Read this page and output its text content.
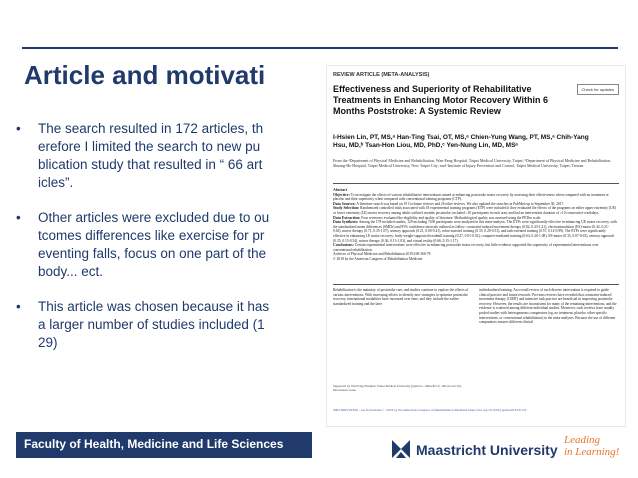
Article and motivati
• The search resulted in 172 articles, th
erefore I limited the search to new pu
blication study that resulted in “ 66 art
icles”.
• Other articles were excluded due to ou
tcomes differences like exercise for pr
eventing falls, focus on one part of the
body... ect.
• This article was chosen because it has
a larger number of studies included (1
29)
REVIEW ARTICLE (META-ANALYSIS)
Check for updates
Effectiveness and Superiority of Rehabilitative Treatments in Enhancing Motor Recovery Within 6 Months Poststroke: A Systemic Review
I-Hsien Lin, PT, MS,ᵃ Han-Ting Tsai, OT, MS,ᵃ Chien-Yung Wang, PT, MS,ᵃ Chih-Yang Hsu, MD,ᵇ Tsan-Hon Liou, MD, PhD,ᶜ Yen-Nung Lin, MD, MSᵃ
From the ᵃDepartment of Physical Medicine and Rehabilitation, Wan-Fang Hospital, Taipei Medical University, Taipei; ᵇDepartment of Physical Medicine and Rehabilitation, Shuang-Ho Hospital, Taipei Medical University, New Taipei City; and ᶜInstitute of Injury Prevention and Control, Taipei Medical University, Taipei, Taiwan.
Abstract
Objective: To investigate the effects of various rehabilitative interventions aimed at enhancing poststroke motor recovery by assessing their effectiveness when compared with no treatment or placebo and their superiority when compared with conventional training programs (CTP).
Data Sources: A literature search was based on 19 Cochrane reviews and 26 other reviews. We also updated the searches in PubMed up to September 30, 2017.
Study Selection: Randomized controlled trials associated with 18 experimental training programs (ETP) were included if they evaluated the effects of the programs on either upper extremity (UE) or lower extremity (LE) motor recovery among adults within 6 months poststroke; included ≥10 participants in each arm; and had an intervention duration of ≥10 consecutive weekdays.
Data Extraction: Four reviewers evaluated the eligibility and quality of literature. Methodological quality was assessed using the PEDro scale.
Data Synthesis: Among the 178 included studies, 129 including 7450 participants were analyzed in this meta-analysis. The ETPs were significantly effective in enhancing UE motor recovery, with the standardized mean differences (SMDs) and 95% confidence intervals outlined as follow: constraint-induced movement therapy (0.82, 0.43-1.21), electrostimulation (ES)-motor (0.42, 0.21-0.63), mirror therapy (0.71, 0.35-1.07), sensory approach (0.21, 0.00-0.41), robot-assisted training (0.35, 0.20-0.51), and task-oriented training (0.57, 0.14-0.99). The ETPs were significantly effective in enhancing LE motor recovery: body-weight-supported treadmill training (0.27, 0.01-0.52), computer-mediated training (0.64, 0.20-1.08), ES-motor (0.35, 0.07-0.63), sensory approach (0.35, 0.15-0.54), mirror therapy (0.36, 0.13-1.03), and virtual reality (0.66, 0.15-1.17).
Conclusions: Certain experimental interventions were effective in enhancing poststroke motor recovery, but little evidence supported the superiority of experimental interventions over conventional rehabilitation.
Archives of Physical Medicine and Rehabilitation 2019;100:366-78
© 2018 by the American Congress of Rehabilitation Medicine
Rehabilitation is the mainstay of poststroke care, and studies continue to explore the effects of various interventions. With increasing efforts to identify new strategies to optimize poststroke recovery, international modalities have increased over time, and they include the earlier standardized training and the later
individualized training. An overall review of each diverse intervention is required to guide clinical practice and future research. Previous reviews have revealed that constraint-induced movement therapy (CIMT) and intensive task practice are beneficial in improving poststroke recovery. However, the results are inconsistent for many of the remaining interventions, and the evidence is scattered among different individual studies. Moreover, such reviews have usually pooled studies with heterogeneous comparators (eg, no treatment, placebo, other specific interventions, or conventional rehabilitation) in the meta-analyses. Because the use of different comparators ensures different clinical
Supported by Wan Fang Hospital, Taipei Medical University (grant no. 106swf01-2; 106-wf-eva-01). Disclosures: none.
0003-9993/18/$36 - see front matter © 2018 by the American Congress of Rehabilitation Medicine https://doi.org/10.1016/j.apmr.2018.09.123
Faculty of Health, Medicine and Life Sciences	Maastricht University
Leading
in Learning!
